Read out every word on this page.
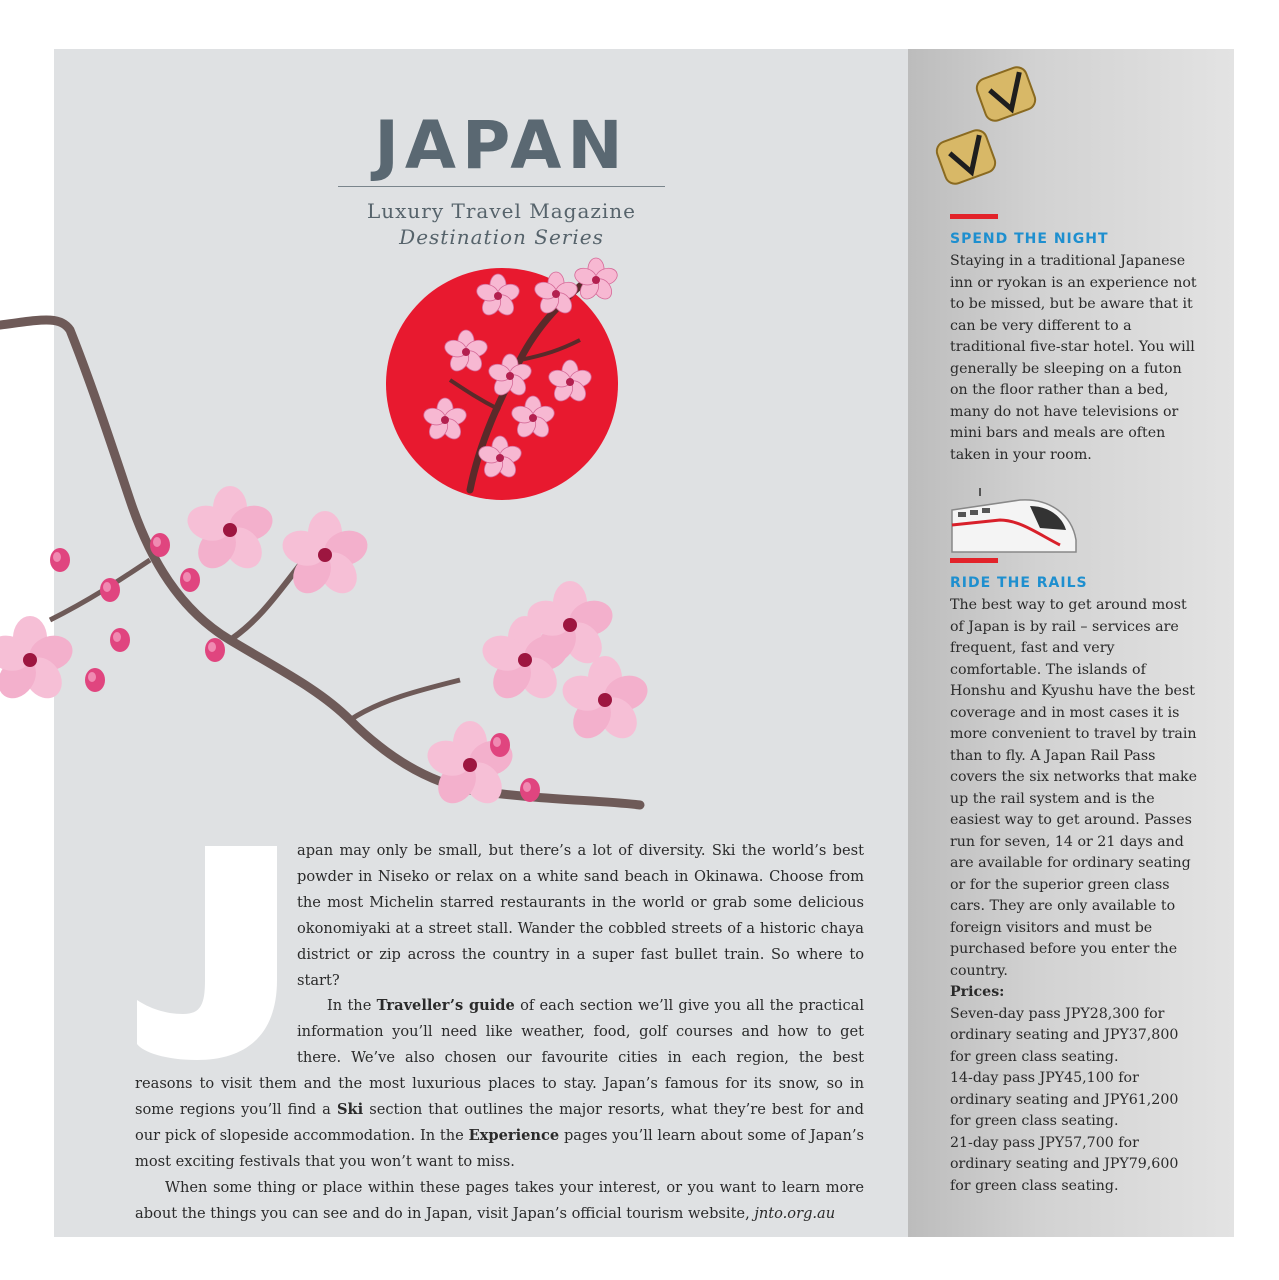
JAPAN
Luxury Travel Magazine
Destination Series

apan may only be small, but there’s a lot of diversity. Ski the world’s best powder in Niseko or relax on a white sand beach in Okinawa. Choose from the most Michelin starred restaurants in the world or grab some delicious okonomiyaki at a street stall. Wander the cobbled streets of a historic chaya district or zip across the country in a super fast bullet train. So where to start?

In the Traveller’s guide of each section we’ll give you all the practical information you’ll need like weather, food, golf courses and how to get there. We’ve also chosen our favourite cities in each region, the best reasons to visit them and the most luxurious places to stay. Japan’s famous for its snow, so in some regions you’ll find a Ski section that outlines the major resorts, what they’re best for and our pick of slopeside accommodation. In the Experience pages you’ll learn about some of Japan’s most exciting festivals that you won’t want to miss.

When some thing or place within these pages takes your interest, or you want to learn more about the things you can see and do in Japan, visit Japan’s official tourism website, jnto.org.au

SPEND THE NIGHT

Staying in a traditional Japanese inn or ryokan is an experience not to be missed, but be aware that it can be very different to a traditional five-star hotel. You will generally be sleeping on a futon on the floor rather than a bed, many do not have televisions or mini bars and meals are often taken in your room.

RIDE THE RAILS

The best way to get around most of Japan is by rail – services are frequent, fast and very comfortable. The islands of Honshu and Kyushu have the best coverage and in most cases it is more convenient to travel by train than to fly. A Japan Rail Pass covers the six networks that make up the rail system and is the easiest way to get around. Passes run for seven, 14 or 21 days and are available for ordinary seating or for the superior green class cars. They are only available to foreign visitors and must be purchased before you enter the country.

Prices:

Seven-day pass JPY28,300 for ordinary seating and JPY37,800 for green class seating.

14-day pass JPY45,100 for ordinary seating and JPY61,200 for green class seating.

21-day pass JPY57,700 for ordinary seating and JPY79,600 for green class seating.
